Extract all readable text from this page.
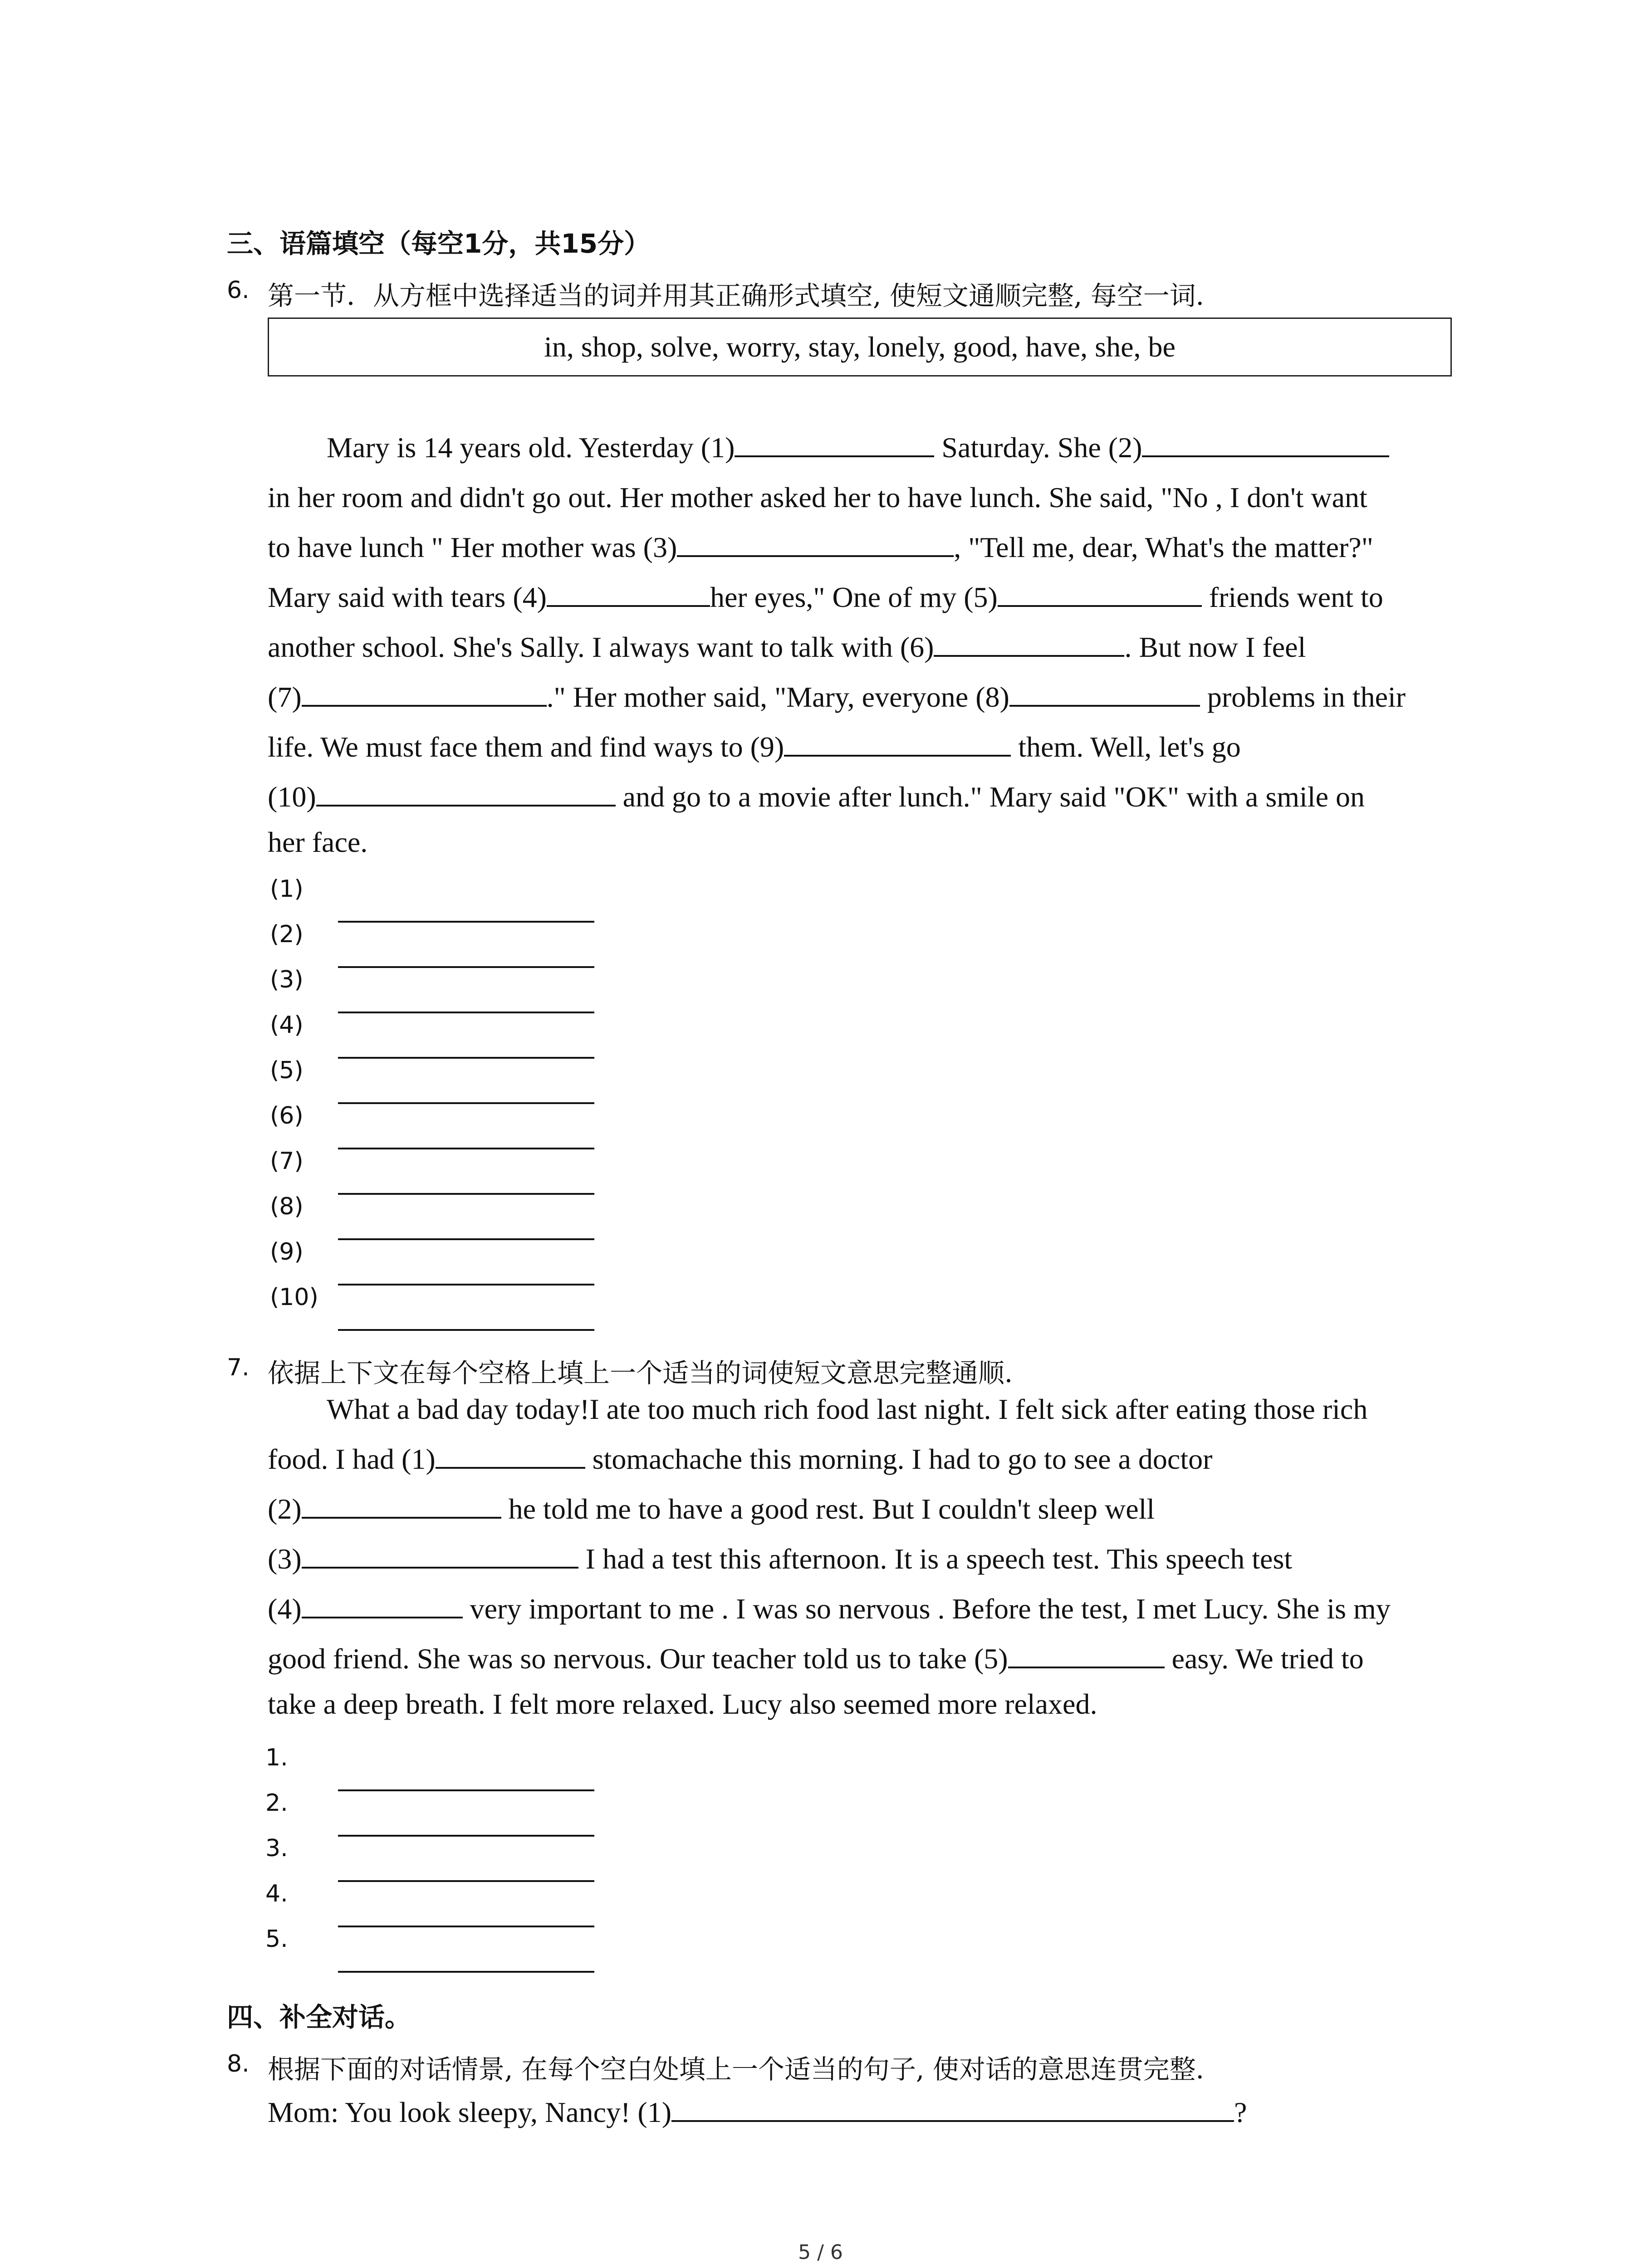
三、语篇填空（每空1分，共15分）
6. 第一节．从方框中选择适当的词并用其正确形式填空, 使短文通顺完整, 每空一词．
in, shop, solve, worry, stay, lonely, good, have, she, be
Mary is 14 years old. Yesterday (1)	Saturday. She (2)
in her room and didn't go out. Her mother asked her to have lunch. She said, "No , I don't want
to have lunch " Her mother was (3)	, "Tell me, dear, What's the matter?"
Mary said with tears (4)	her eyes," One of my (5)	friends went to
another school. She's Sally. I always want to talk with (6)	. But now I feel
(7)	." Her mother said, "Mary, everyone (8)	problems in their
life. We must face them and find ways to (9)	them. Well, let's go
(10)	and go to a movie after lunch." Mary said "OK" with a smile on
her face.
(1)
(2)
(3)
(4)
(5)
(6)
(7)
(8)
(9)
(10)
7. 依据上下文在每个空格上填上一个适当的词使短文意思完整通顺．
What a bad day today!I ate too much rich food last night. I felt sick after eating those rich
food. I had (1)	stomachache this morning. I had to go to see a doctor
(2)	he told me to have a good rest. But I couldn't sleep well
(3)	I had a test this afternoon. It is a speech test. This speech test
(4)	very important to me . I was so nervous . Before the test, I met Lucy. She is my
good friend. She was so nervous. Our teacher told us to take (5)	easy. We tried to
take a deep breath. I felt more relaxed. Lucy also seemed more relaxed.
1.
2.
3.
4.
5.
四、补全对话。
8. 根据下面的对话情景, 在每个空白处填上一个适当的句子, 使对话的意思连贯完整．
Mom: You look sleepy, Nancy! (1)	?
5 / 6
